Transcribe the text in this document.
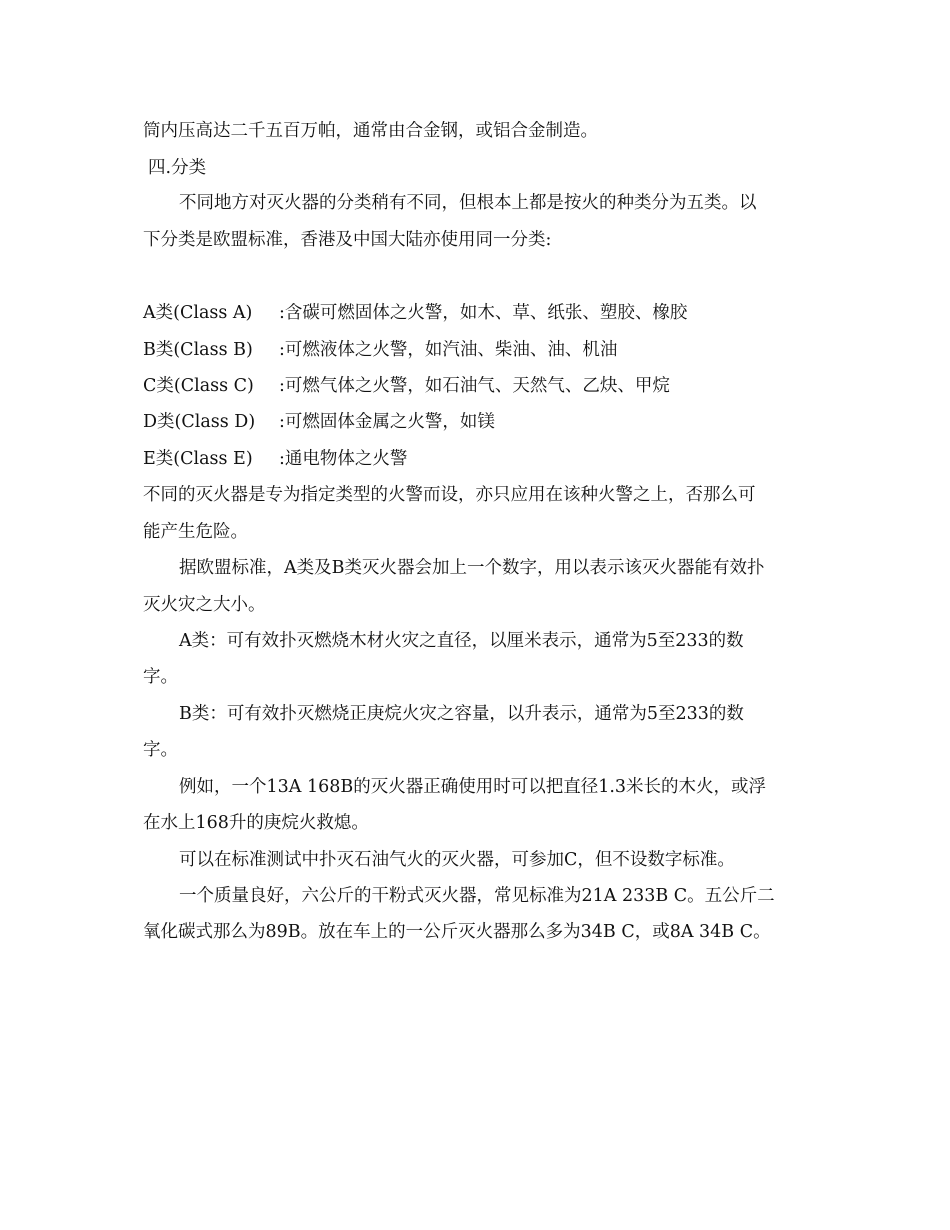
筒内压高达二千五百万帕，通常由合金钢，或铝合金制造。
四.分类
不同地方对灭火器的分类稍有不同，但根本上都是按火的种类分为五类。以
下分类是欧盟标准，香港及中国大陆亦使用同一分类:
A类(Class A) :含碳可燃固体之火警，如木、草、纸张、塑胶、橡胶
B类(Class B) :可燃液体之火警，如汽油、柴油、油、机油
C类(Class C) :可燃气体之火警，如石油气、天然气、乙炔、甲烷
D类(Class D) :可燃固体金属之火警，如镁
E类(Class E) :通电物体之火警
不同的灭火器是专为指定类型的火警而设，亦只应用在该种火警之上，否那么可
能产生危险。
据欧盟标准，A类及B类灭火器会加上一个数字，用以表示该灭火器能有效扑
灭火灾之大小。
A类：可有效扑灭燃烧木材火灾之直径，以厘米表示，通常为5至233的数
字。
B类：可有效扑灭燃烧正庚烷火灾之容量，以升表示，通常为5至233的数
字。
例如，一个13A 168B的灭火器正确使用时可以把直径1.3米长的木火，或浮
在水上168升的庚烷火救熄。
可以在标准测试中扑灭石油气火的灭火器，可参加C，但不设数字标准。
一个质量良好，六公斤的干粉式灭火器，常见标准为21A 233B C。五公斤二
氧化碳式那么为89B。放在车上的一公斤灭火器那么多为34B C，或8A 34B C。
